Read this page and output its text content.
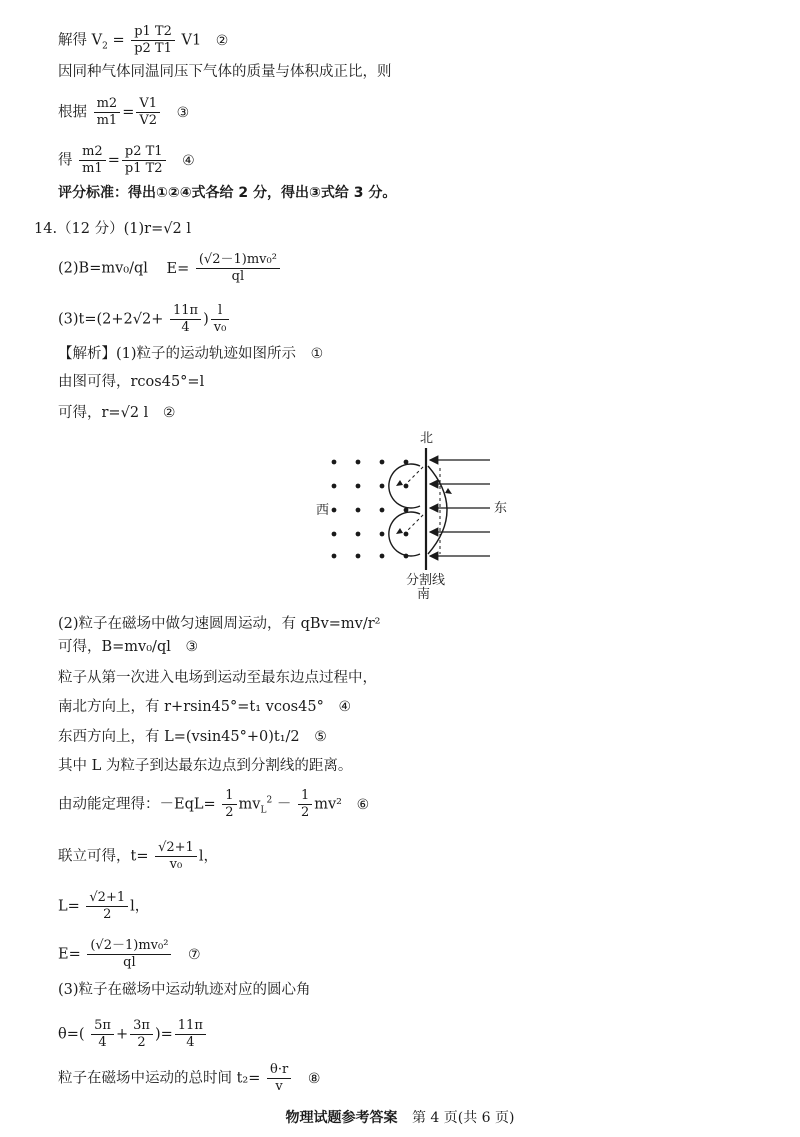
解得 $V_2 = \frac{p1 T2}{p2 T1} V1$ ②
因同种气体同温同压下气体的质量与体积成正比，则
根据 $\frac{m2}{m1} = \frac{V1}{V2}$ ③
得 $\frac{m2}{m1} = \frac{p2 T1}{p1 T2}$ ④
评分标准：得出①②④式各给 2 分，得出③式给 3 分。
14.（12 分）(1)r=√2 l
(2)B=mv₀/ql $E= \frac{\text{(√2－1)mv₀²}}{ql}$
$(3)t=(2+2√2+ \frac{11\pi}{4}$ ) $\frac{l}{\text{v₀}}$
【解析】(1)粒子的运动轨迹如图所示 ①
由图可得，rcos45°=l
可得，r=√2 l ②
北
西	东
分割线
南
(2)粒子在磁场中做匀速圆周运动，有 qBv=mv/r²
可得，B=mv₀/ql ③
粒子从第一次进入电场到运动至最东边点过程中，
南北方向上，有 r+rsin45°=t₁ vcos45° ④
东西方向上，有 L=(vsin45°+0)t₁/2 ⑤
其中 L 为粒子到达最东边点到分割线的距离。
由动能定理得：$-EqL= \frac{1}{2} mv_L^2 - \frac{1}{2} mv^2$ ⑥
联立可得，$t= \frac{√2+1}{\text{v₀}}$ l，
$L= \frac{√2+1}{2}$ l，
$E= \frac{\text{(√2－1)mv₀²}}{ql}$ ⑦
(3)粒子在磁场中运动轨迹对应的圆心角
$\theta=( \frac{5\pi}{4} + \frac{3\pi}{2}$ )= $\frac{11\pi}{4}$
粒子在磁场中运动的总时间 $t_2= \frac{\theta\cdot r}{v}$ ⑧
物理试题参考答案 第 4 页(共 6 页)
